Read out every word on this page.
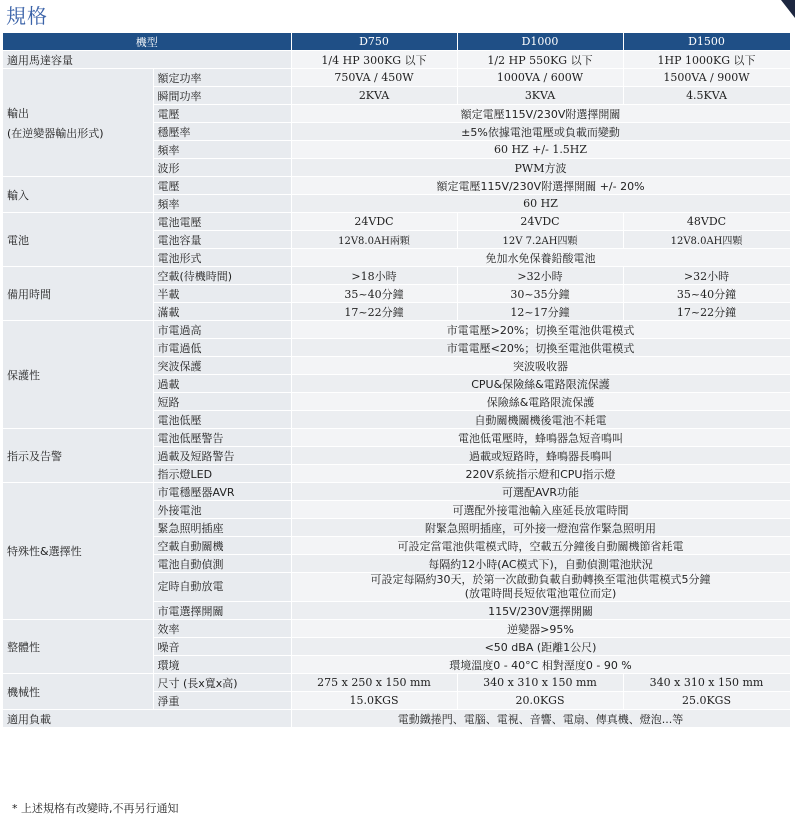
規格
機型		D750	D1000	D1500
適用馬達容量		1/4 HP 300KG 以下	1/2 HP 550KG 以下	1HP 1000KG 以下

輸出
(在逆變器輸出形式)	額定功率	750VA / 450W	1000VA / 600W	1500VA / 900W
	瞬間功率	2KVA	3KVA	4.5KVA
	電壓	額定電壓115V/230V附選擇開關		
	穩壓率	±5%依據電池電壓或負載而變動		
	頻率	60 HZ +/- 1.5HZ		
	波形	PWM方波		
輸入	電壓	額定電壓115V/230V附選擇開關 +/- 20%		
	頻率	60 HZ		
電池	電池電壓	24VDC	24VDC	48VDC
	電池容量	12V8.0AH兩顆	12V 7.2AH四顆	12V8.0AH四顆
	電池形式	免加水免保養鉛酸電池		
備用時間	空載(待機時間)	>18小時	>32小時	>32小時
	半載	35~40分鐘	30~35分鐘	35~40分鐘
	滿載	17~22分鐘	12~17分鐘	17~22分鐘
保護性	市電過高	市電電壓>20%；切換至電池供電模式		
	市電過低	市電電壓<20%；切換至電池供電模式		
	突波保護	突波吸收器		
	過載	CPU&保險絲&電路限流保護		
	短路	保險絲&電路限流保護		
	電池低壓	自動關機關機後電池不耗電		
指示及告警	電池低壓警告	電池低電壓時，蜂鳴器急短音鳴叫		
	過載及短路警告	過載或短路時，蜂鳴器長鳴叫		
	指示燈LED	220V系統指示燈和CPU指示燈		
特殊性&選擇性	市電穩壓器AVR	可選配AVR功能		
	外接電池	可選配外接電池輸入座延長放電時間		
	緊急照明插座	附緊急照明插座，可外接一燈泡當作緊急照明用		
	空載自動關機	可設定當電池供電模式時，空載五分鐘後自動關機節省耗電		
	電池自動偵測	每隔約12小時(AC模式下)，自動偵測電池狀況		
	定時自動放電	可設定每隔約30天，於第一次啟動負載自動轉換至電池供電模式5分鐘
(放電時間長短依電池電位而定)		

	市電選擇開關	115V/230V選擇開關		
整體性	效率	逆變器>95%		
	噪音	<50 dBA (距離1公尺)		
	環境	環境溫度0 - 40°C 相對溼度0 - 90 %		
機械性	尺寸 (長x寬x高)	275 x 250 x 150 mm	340 x 310 x 150 mm	340 x 310 x 150 mm
	淨重	15.0KGS	20.0KGS	25.0KGS
適用負載		電動鐵捲門、電腦、電視、音響、電扇、傳真機、燈泡...等		
* 上述規格有改變時,不再另行通知
